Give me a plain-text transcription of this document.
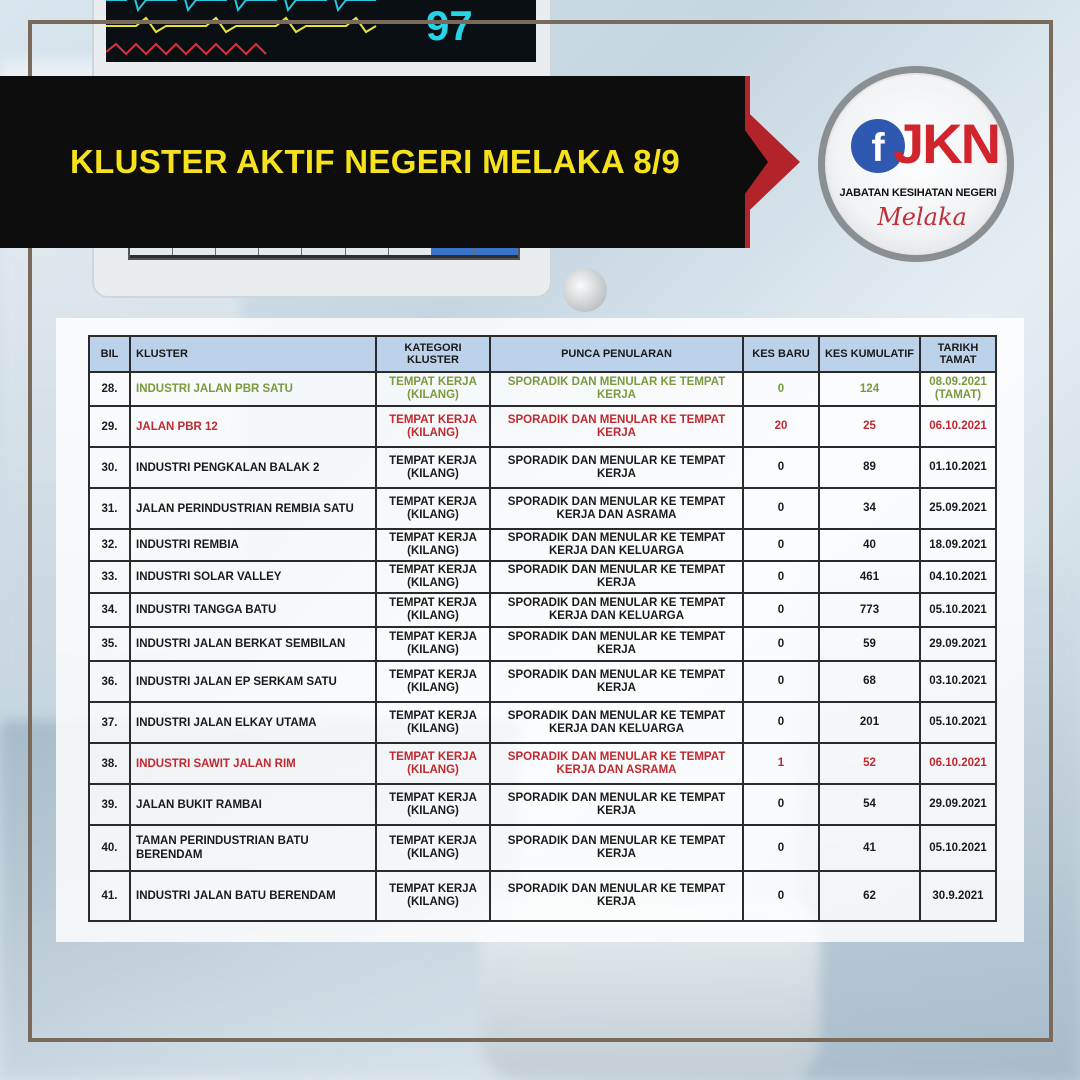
97
KLUSTER AKTIF NEGERI MELAKA 8/9	f JKN
JABATAN KESIHATAN NEGERI
Melaka
BIL	KLUSTER	KATEGORI KLUSTER	PUNCA PENULARAN	KES BARU	KES KUMULATIF	TARIKH TAMAT
28.	INDUSTRI JALAN PBR SATU	TEMPAT KERJA (KILANG)	SPORADIK DAN MENULAR KE TEMPAT KERJA	0	124	08.09.2021 (TAMAT)
29.	JALAN PBR 12	TEMPAT KERJA (KILANG)	SPORADIK DAN MENULAR KE TEMPAT KERJA	20	25	06.10.2021
30.	INDUSTRI PENGKALAN BALAK 2	TEMPAT KERJA (KILANG)	SPORADIK DAN MENULAR KE TEMPAT KERJA	0	89	01.10.2021
31.	JALAN PERINDUSTRIAN REMBIA SATU	TEMPAT KERJA (KILANG)	SPORADIK DAN MENULAR KE TEMPAT KERJA DAN ASRAMA	0	34	25.09.2021
32.	INDUSTRI REMBIA	TEMPAT KERJA (KILANG)	SPORADIK DAN MENULAR KE TEMPAT KERJA DAN KELUARGA	0	40	18.09.2021
33.	INDUSTRI SOLAR VALLEY	TEMPAT KERJA (KILANG)	SPORADIK DAN MENULAR KE TEMPAT KERJA	0	461	04.10.2021
34.	INDUSTRI TANGGA BATU	TEMPAT KERJA (KILANG)	SPORADIK DAN MENULAR KE TEMPAT KERJA DAN KELUARGA	0	773	05.10.2021
35.	INDUSTRI JALAN BERKAT SEMBILAN	TEMPAT KERJA (KILANG)	SPORADIK DAN MENULAR KE TEMPAT KERJA	0	59	29.09.2021
36.	INDUSTRI JALAN EP SERKAM SATU	TEMPAT KERJA (KILANG)	SPORADIK DAN MENULAR KE TEMPAT KERJA	0	68	03.10.2021
37.	INDUSTRI JALAN ELKAY UTAMA	TEMPAT KERJA (KILANG)	SPORADIK DAN MENULAR KE TEMPAT KERJA DAN KELUARGA	0	201	05.10.2021
38.	INDUSTRI SAWIT JALAN RIM	TEMPAT KERJA (KILANG)	SPORADIK DAN MENULAR KE TEMPAT KERJA DAN ASRAMA	1	52	06.10.2021
39.	JALAN BUKIT RAMBAI	TEMPAT KERJA (KILANG)	SPORADIK DAN MENULAR KE TEMPAT KERJA	0	54	29.09.2021
40.	TAMAN PERINDUSTRIAN BATU BERENDAM	TEMPAT KERJA (KILANG)	SPORADIK DAN MENULAR KE TEMPAT KERJA	0	41	05.10.2021
41.	INDUSTRI JALAN BATU BERENDAM	TEMPAT KERJA (KILANG)	SPORADIK DAN MENULAR KE TEMPAT KERJA	0	62	30.9.2021
